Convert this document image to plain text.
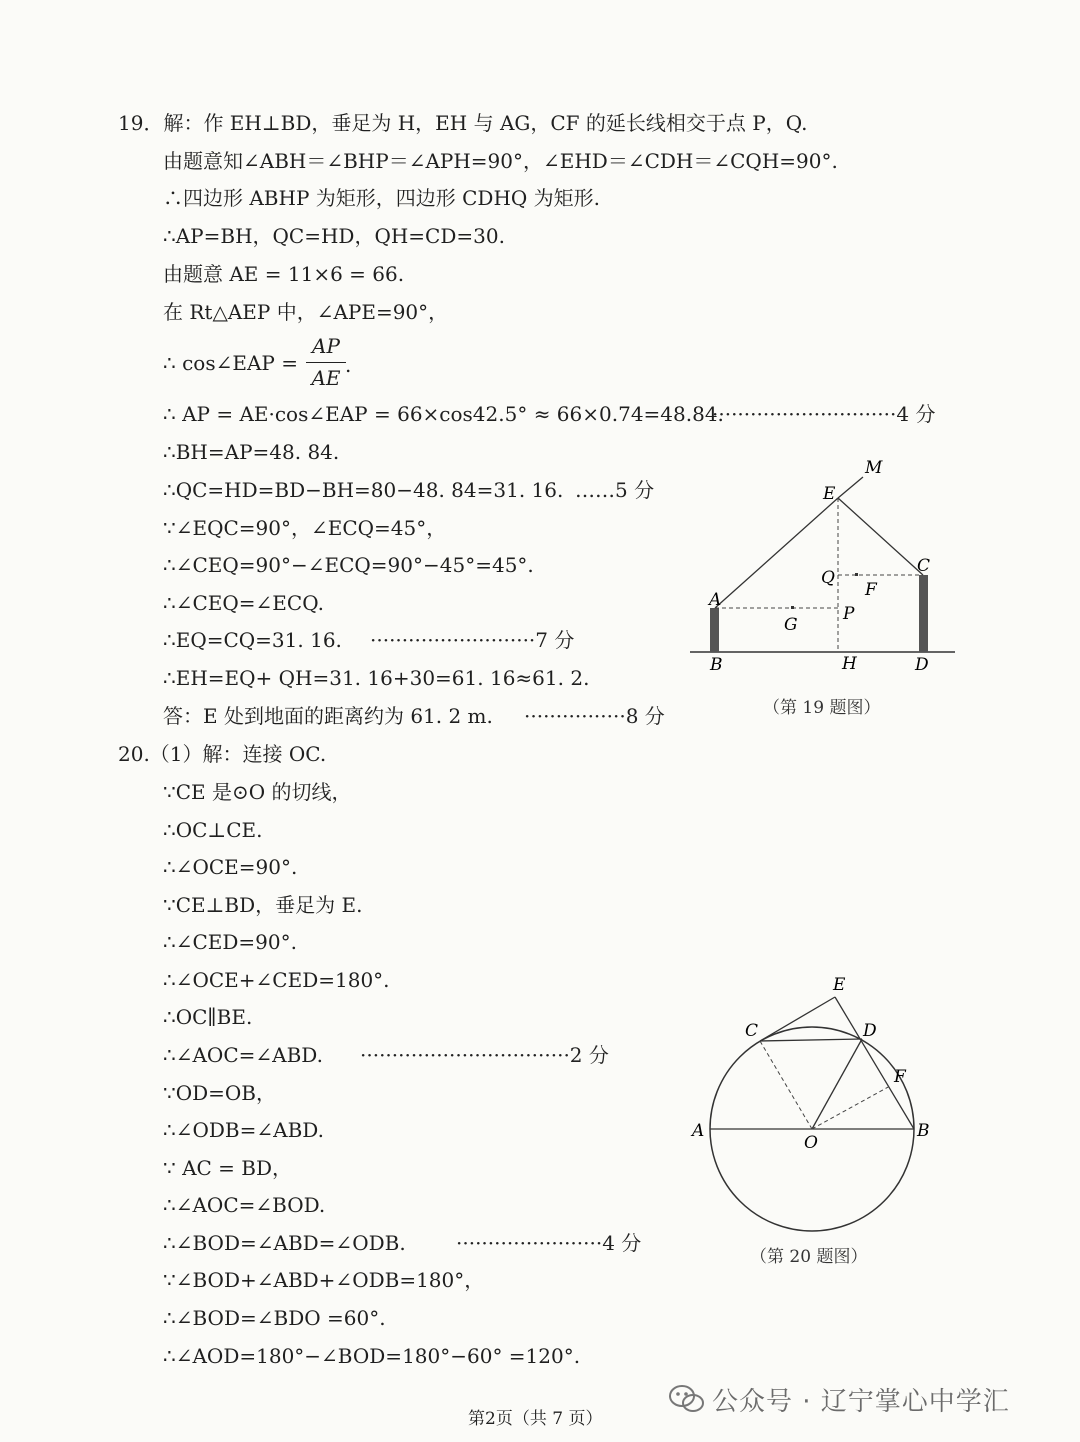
19．解：作 EH⊥BD，垂足为 H，EH 与 AG，CF 的延长线相交于点 P，Q.
由题意知∠ABH＝∠BHP＝∠APH=90°，∠EHD＝∠CDH＝∠CQH=90°.
∴四边形 ABHP 为矩形，四边形 CDHQ 为矩形.
∴AP=BH，QC=HD，QH=CD=30.
由题意 AE = 11×6 = 66.
在 Rt△AEP 中，∠APE=90°，
∴ cos∠EAP =
AP
AE
.
∴ AP = AE·cos∠EAP = 66×cos42.5° ≈ 66×0.74=48.84.
·····························4 分
∴BH=AP=48. 84.
∴QC=HD=BD−BH=80−48. 84=31. 16. ……5 分
∵∠EQC=90°，∠ECQ=45°，
∴∠CEQ=90°−∠ECQ=90°−45°=45°.
∴∠CEQ=∠ECQ.
∴EQ=CQ=31. 16. ··························7 分
∴EH=EQ+ QH=31. 16+30=61. 16≈61. 2.
答：E 处到地面的距离约为 61. 2 m. ················8 分
M
E
C
Q
F
A
G
P
B	H	D
（第 19 题图）
20.（1）解：连接 OC.
∵CE 是⊙O 的切线，
∴OC⊥CE.
∴∠OCE=90°.
∵CE⊥BD，垂足为 E.
∴∠CED=90°.
∴∠OCE+∠CED=180°.
∴OC∥BE.
∴∠AOC=∠ABD. ·································2 分
∵OD=OB，
∴∠ODB=∠ABD.
∵ AC = BD，
∴∠AOC=∠BOD.
∴∠BOD=∠ABD=∠ODB.	·······················4 分
∵∠BOD+∠ABD+∠ODB=180°，
∴∠BOD=∠BDO =60°.
∴∠AOD=180°−∠BOD=180°−60° =120°.
E
C	D
F
A
O
B
（第 20 题图）
第2页（共 7 页）
公众号 · 辽宁掌心中学汇
